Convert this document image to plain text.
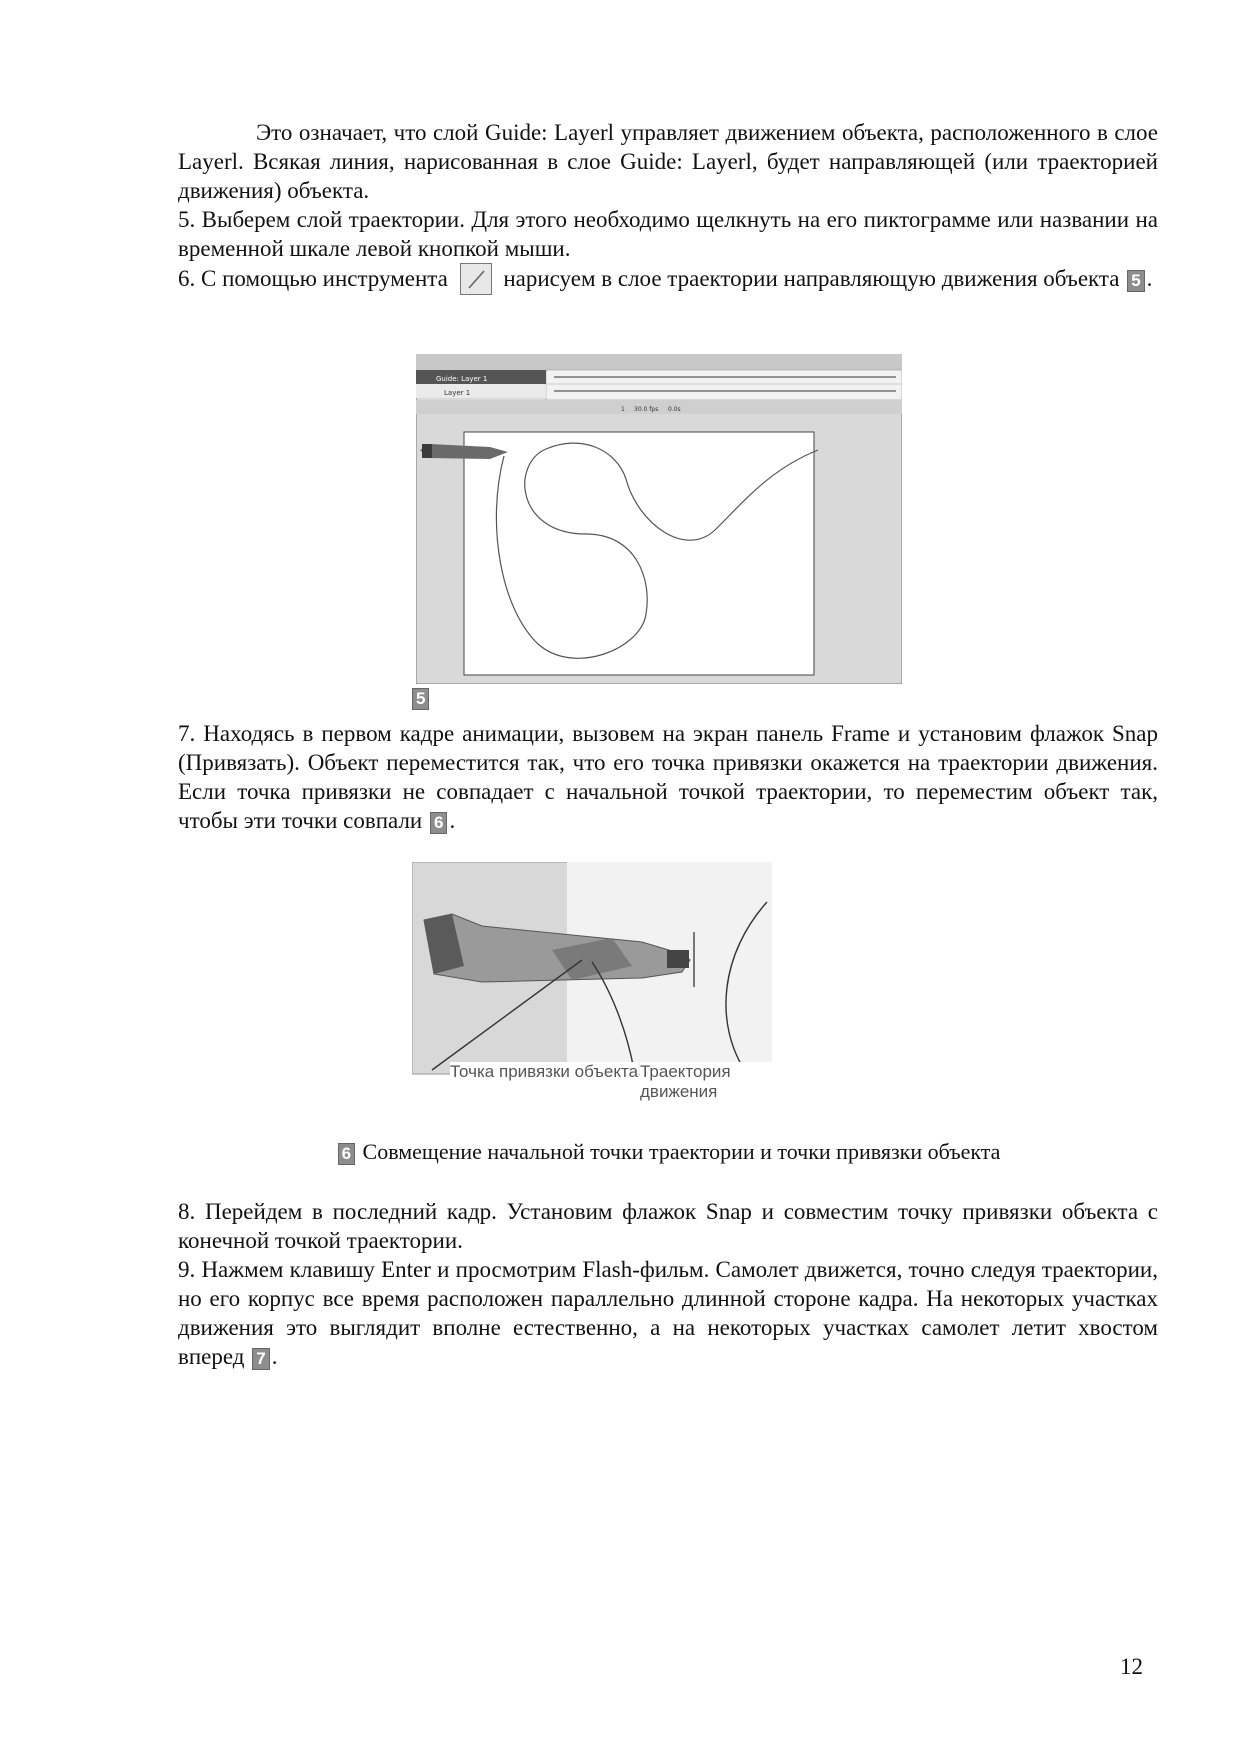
Это означает, что слой Guide: Layerl управляет движением объекта, расположенного в слое Layerl. Всякая линия, нарисованная в слое Guide: Layerl, будет направляющей (или траекторией движения) объекта.
5. Выберем слой траектории. Для этого необходимо щелкнуть на его пиктограмме или названии на временной шкале левой кнопкой мыши.
6. С помощью инструмента нарисуем в слое траектории направляющую движения объекта 5 .
Guide: Layer 1
Layer 1
1 30.0 fps 0.0s
5
7. Находясь в первом кадре анимации, вызовем на экран панель Frame и установим флажок Snap (Привязать). Объект переместится так, что его точка привязки окажется на траектории движения. Если точка привязки не совпадает с начальной точкой траектории, то переместим объект так, чтобы эти точки совпали 6 .
Точка привязки объекта Траектория движения
6 Совмещение начальной точки траектории и точки привязки объекта
8. Перейдем в последний кадр. Установим флажок Snap и совместим точку привязки объекта с конечной точкой траектории.
9. Нажмем клавишу Enter и просмотрим Flash-фильм. Самолет движется, точно следуя траектории, но его корпус все время расположен параллельно длинной стороне кадра. На некоторых участках движения это выглядит вполне естественно, а на некоторых участках самолет летит хвостом вперед 7 .
12
